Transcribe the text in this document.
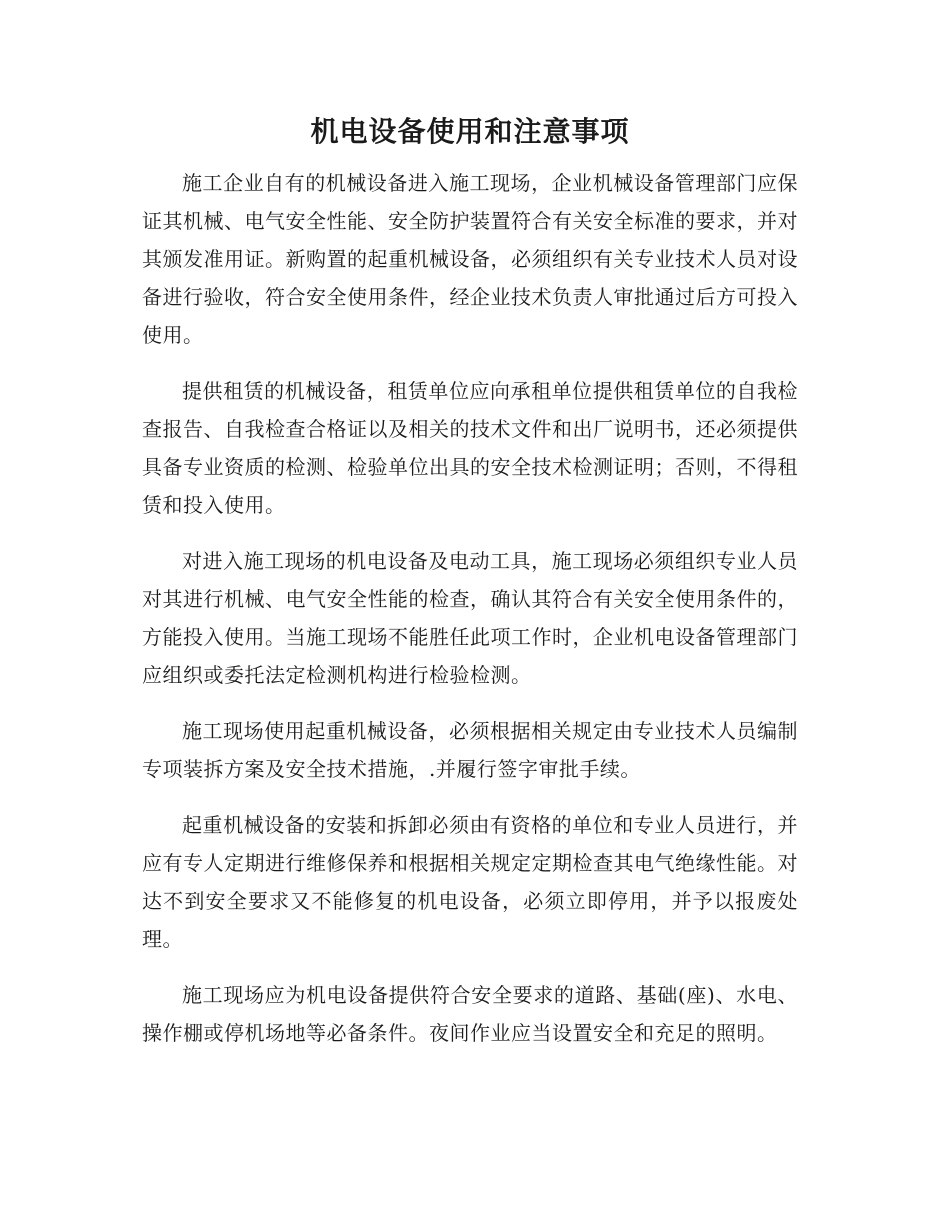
机电设备使用和注意事项

施工企业自有的机械设备进入施工现场，企业机械设备管理部门应保证其机械、电气安全性能、安全防护装置符合有关安全标准的要求，并对其颁发准用证。新购置的起重机械设备，必须组织有关专业技术人员对设备进行验收，符合安全使用条件，经企业技术负责人审批通过后方可投入使用。

提供租赁的机械设备，租赁单位应向承租单位提供租赁单位的自我检查报告、自我检查合格证以及相关的技术文件和出厂说明书，还必须提供具备专业资质的检测、检验单位出具的安全技术检测证明；否则，不得租赁和投入使用。

对进入施工现场的机电设备及电动工具，施工现场必须组织专业人员对其进行机械、电气安全性能的检查，确认其符合有关安全使用条件的，方能投入使用。当施工现场不能胜任此项工作时，企业机电设备管理部门应组织或委托法定检测机构进行检验检测。

施工现场使用起重机械设备，必须根据相关规定由专业技术人员编制专项装拆方案及安全技术措施，.并履行签字审批手续。

起重机械设备的安装和拆卸必须由有资格的单位和专业人员进行，并应有专人定期进行维修保养和根据相关规定定期检查其电气绝缘性能。对达不到安全要求又不能修复的机电设备，必须立即停用，并予以报废处理。

施工现场应为机电设备提供符合安全要求的道路、基础(座)、水电、操作棚或停机场地等必备条件。夜间作业应当设置安全和充足的照明。
